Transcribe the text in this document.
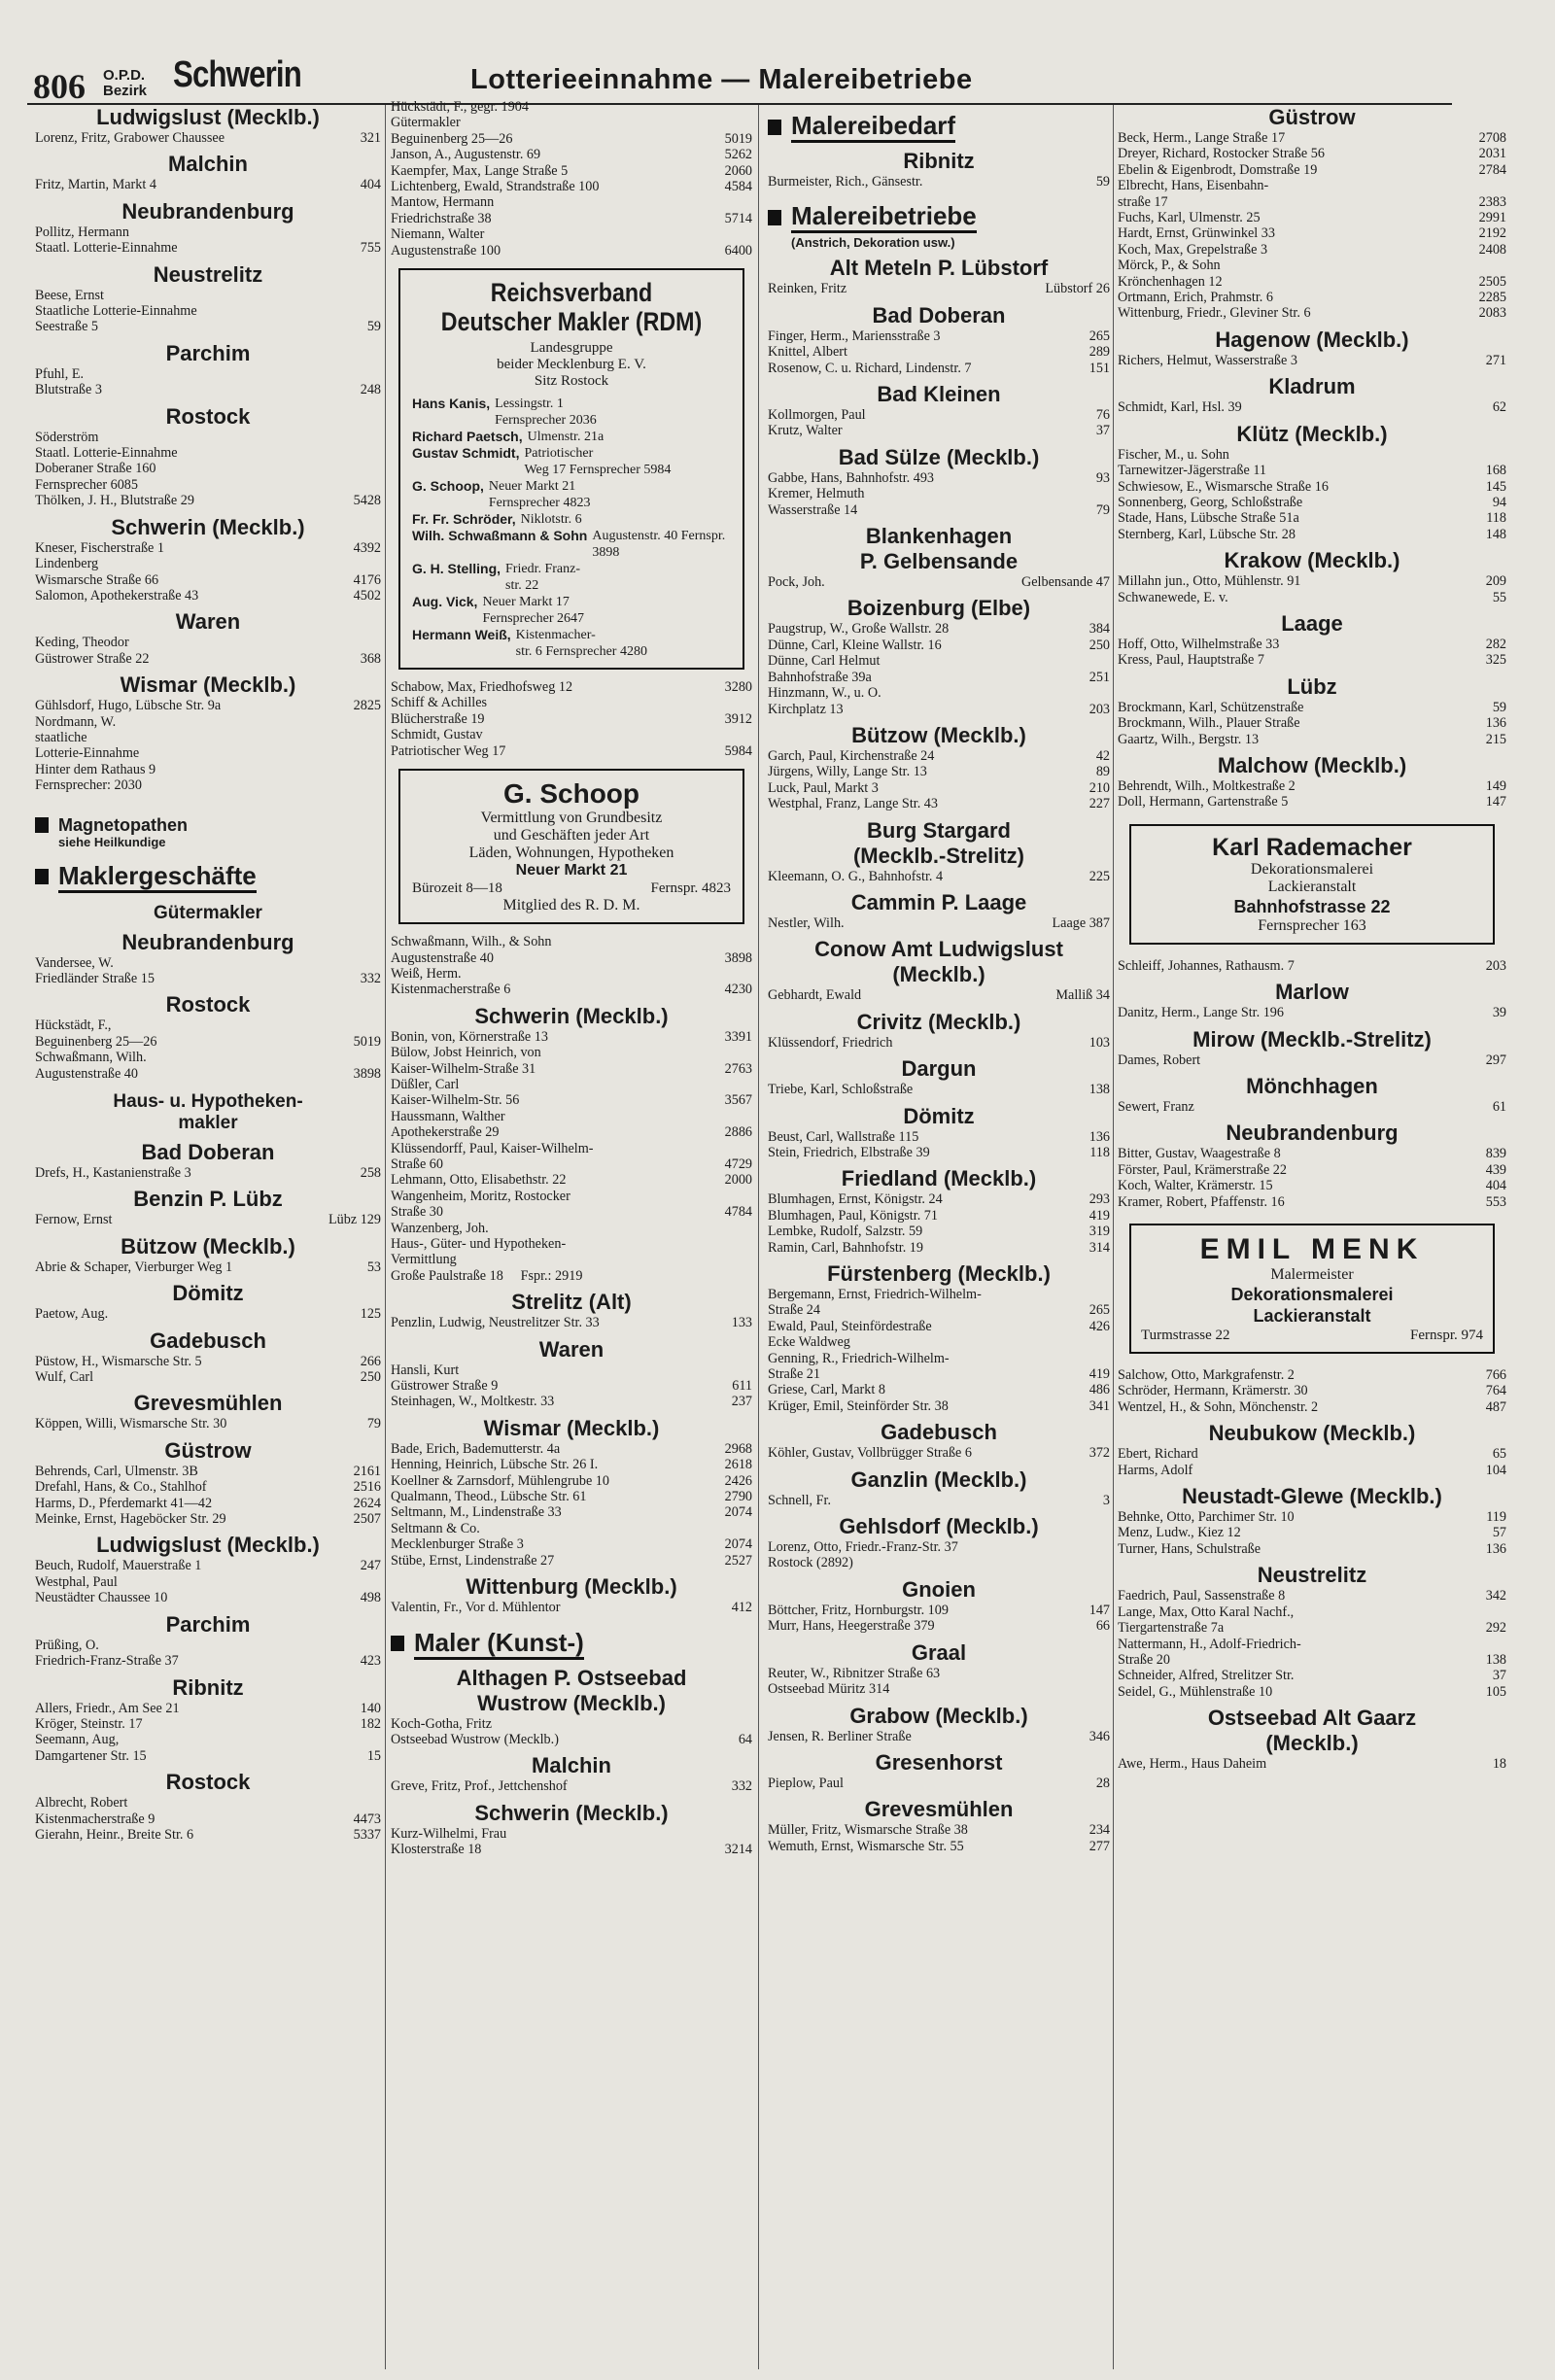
806 O.P.D.
Bezirk Schwerin	Lotterieeinnahme — Malereibetriebe
Ludwigslust (Mecklb.)
Lorenz, Fritz, Grabower Chaussee	321
Malchin
Fritz, Martin, Markt 4	404
Neubrandenburg
Pollitz, Hermann
Staatl. Lotterie-Einnahme	755
Neustrelitz
Beese, Ernst
Staatliche Lotterie-Einnahme
Seestraße 5	59
Parchim
Pfuhl, E.
Blutstraße 3	248
Rostock
Söderström
Staatl. Lotterie-Einnahme
Doberaner Straße 160
Fernsprecher 6085
Thölken, J. H., Blutstraße 29	5428
Schwerin (Mecklb.)
Kneser, Fischerstraße 1	4392
Lindenberg
Wismarsche Straße 66	4176
Salomon, Apothekerstraße 43	4502
Waren
Keding, Theodor
Güstrower Straße 22	368
Wismar (Mecklb.)
Gühlsdorf, Hugo, Lübsche Str. 9a	2825
Nordmann, W.
staatliche
Lotterie-Einnahme
Hinter dem Rathaus 9
Fernsprecher: 2030
Magnetopathen
siehe Heilkundige
Maklergeschäfte
Gütermakler
Neubrandenburg
Vandersee, W.
Friedländer Straße 15	332
Rostock
Hückstädt, F.,
Beguinenberg 25—26	5019
Schwaßmann, Wilh.
Augustenstraße 40	3898
Haus- u. Hypotheken-
makler
Bad Doberan
Drefs, H., Kastanienstraße 3	258
Benzin P. Lübz
Fernow, Ernst	Lübz 129
Bützow (Mecklb.)
Abrie & Schaper, Vierburger Weg 1	53
Dömitz
Paetow, Aug.	125
Gadebusch
Püstow, H., Wismarsche Str. 5	266
Wulf, Carl	250
Grevesmühlen
Köppen, Willi, Wismarsche Str. 30	79
Güstrow
Behrends, Carl, Ulmenstr. 3B	2161
Drefahl, Hans, & Co., Stahlhof	2516
Harms, D., Pferdemarkt 41—42	2624
Meinke, Ernst, Hageböcker Str. 29	2507
Ludwigslust (Mecklb.)
Beuch, Rudolf, Mauerstraße 1	247
Westphal, Paul
Neustädter Chaussee 10	498
Parchim
Prüßing, O.
Friedrich-Franz-Straße 37	423
Ribnitz
Allers, Friedr., Am See 21	140
Kröger, Steinstr. 17	182
Seemann, Aug,
Damgartener Str. 15	15
Rostock
Albrecht, Robert
Kistenmacherstraße 9	4473
Gierahn, Heinr., Breite Str. 6	5337
Hückstädt, F., gegr. 1904
Gütermakler
Beguinenberg 25—26	5019
Janson, A., Augustenstr. 69	5262
Kaempfer, Max, Lange Straße 5	2060
Lichtenberg, Ewald, Strandstraße 100	4584
Mantow, Hermann
Friedrichstraße 38	5714
Niemann, Walter
Augustenstraße 100	6400
Reichsverband
Deutscher Makler (RDM)
Landesgruppe
beider Mecklenburg E. V.
Sitz Rostock
Hans Kanis, Lessingstr. 1
Fernsprecher 2036
Richard Paetsch, Ulmenstr. 21a
Gustav Schmidt, Patriotischer
Weg 17 Fernsprecher 5984
G. Schoop, Neuer Markt 21
Fernsprecher 4823
Fr. Fr. Schröder, Niklotstr. 6
Wilh. Schwaßmann & Sohn Augustenstr. 40 Fernspr. 3898
G. H. Stelling, Friedr. Franz-
str. 22
Aug. Vick, Neuer Markt 17
Fernsprecher 2647
Hermann Weiß, Kistenmacher-
str. 6 Fernsprecher 4280
Schabow, Max, Friedhofsweg 12	3280
Schiff & Achilles
Blücherstraße 19	3912
Schmidt, Gustav
Patriotischer Weg 17	5984
G. Schoop
Vermittlung von Grundbesitz
und Geschäften jeder Art
Läden, Wohnungen, Hypotheken
Neuer Markt 21
Bürozeit 8—18	Fernspr. 4823
Mitglied des R. D. M.
Schwaßmann, Wilh., & Sohn
Augustenstraße 40	3898
Weiß, Herm.
Kistenmacherstraße 6	4230
Schwerin (Mecklb.)
Bonin, von, Körnerstraße 13	3391
Bülow, Jobst Heinrich, von
Kaiser-Wilhelm-Straße 31	2763
Düßler, Carl
Kaiser-Wilhelm-Str. 56	3567
Haussmann, Walther
Apothekerstraße 29	2886
Klüssendorff, Paul, Kaiser-Wilhelm-
Straße 60	4729
Lehmann, Otto, Elisabethstr. 22	2000
Wangenheim, Moritz, Rostocker
Straße 30	4784
Wanzenberg, Joh.
Haus-, Güter- und Hypotheken-
Vermittlung
Große Paulstraße 18     Fspr.: 2919
Strelitz (Alt)
Penzlin, Ludwig, Neustrelitzer Str. 33	133
Waren
Hansli, Kurt
Güstrower Straße 9	611
Steinhagen, W., Moltkestr. 33	237
Wismar (Mecklb.)
Bade, Erich, Bademutterstr. 4a	2968
Henning, Heinrich, Lübsche Str. 26 I.	2618
Koellner & Zarnsdorf, Mühlengrube 10	2426
Qualmann, Theod., Lübsche Str. 61	2790
Seltmann, M., Lindenstraße 33	2074
Seltmann & Co.
Mecklenburger Straße 3	2074
Stübe, Ernst, Lindenstraße 27	2527
Wittenburg (Mecklb.)
Valentin, Fr., Vor d. Mühlentor	412
Maler (Kunst-)
Althagen P. Ostseebad
Wustrow (Mecklb.)
Koch-Gotha, Fritz
Ostseebad Wustrow (Mecklb.)	64
Malchin
Greve, Fritz, Prof., Jettchenshof	332
Schwerin (Mecklb.)
Kurz-Wilhelmi, Frau
Klosterstraße 18	3214
Malereibedarf
Ribnitz
Burmeister, Rich., Gänsestr.	59
Malereibetriebe
(Anstrich, Dekoration usw.)
Alt Meteln P. Lübstorf
Reinken, Fritz	Lübstorf 26
Bad Doberan
Finger, Herm., Mariensstraße 3	265
Knittel, Albert	289
Rosenow, C. u. Richard, Lindenstr. 7	151
Bad Kleinen
Kollmorgen, Paul	76
Krutz, Walter	37
Bad Sülze (Mecklb.)
Gabbe, Hans, Bahnhofstr. 493	93
Kremer, Helmuth
Wasserstraße 14	79
Blankenhagen
P. Gelbensande
Pock, Joh.	Gelbensande 47
Boizenburg (Elbe)
Paugstrup, W., Große Wallstr. 28	384
Dünne, Carl, Kleine Wallstr. 16	250
Dünne, Carl Helmut
Bahnhofstraße 39a	251
Hinzmann, W., u. O.
Kirchplatz 13	203
Bützow (Mecklb.)
Garch, Paul, Kirchenstraße 24	42
Jürgens, Willy, Lange Str. 13	89
Luck, Paul, Markt 3	210
Westphal, Franz, Lange Str. 43	227
Burg Stargard
(Mecklb.-Strelitz)
Kleemann, O. G., Bahnhofstr. 4	225
Cammin P. Laage
Nestler, Wilh.	Laage 387
Conow Amt Ludwigslust
(Mecklb.)
Gebhardt, Ewald	Malliß 34
Crivitz (Mecklb.)
Klüssendorf, Friedrich	103
Dargun
Triebe, Karl, Schloßstraße	138
Dömitz
Beust, Carl, Wallstraße 115	136
Stein, Friedrich, Elbstraße 39	118
Friedland (Mecklb.)
Blumhagen, Ernst, Königstr. 24	293
Blumhagen, Paul, Königstr. 71	419
Lembke, Rudolf, Salzstr. 59	319
Ramin, Carl, Bahnhofstr. 19	314
Fürstenberg (Mecklb.)
Bergemann, Ernst, Friedrich-Wilhelm-
Straße 24	265
Ewald, Paul, Steinfördestraße	426
Ecke Waldweg
Genning, R., Friedrich-Wilhelm-
Straße 21	419
Griese, Carl, Markt 8	486
Krüger, Emil, Steinförder Str. 38	341
Gadebusch
Köhler, Gustav, Vollbrügger Straße 6	372
Ganzlin (Mecklb.)
Schnell, Fr.	3
Gehlsdorf (Mecklb.)
Lorenz, Otto, Friedr.-Franz-Str. 37
Rostock (2892)
Gnoien
Böttcher, Fritz, Hornburgstr. 109	147
Murr, Hans, Heegerstraße 379	66
Graal
Reuter, W., Ribnitzer Straße 63
Ostseebad Müritz 314
Grabow (Mecklb.)
Jensen, R. Berliner Straße	346
Gresenhorst
Pieplow, Paul	28
Grevesmühlen
Müller, Fritz, Wismarsche Straße 38	234
Wemuth, Ernst, Wismarsche Str. 55	277
Güstrow
Beck, Herm., Lange Straße 17	2708
Dreyer, Richard, Rostocker Straße 56	2031
Ebelin & Eigenbrodt, Domstraße 19	2784
Elbrecht, Hans, Eisenbahn-
straße 17	2383
Fuchs, Karl, Ulmenstr. 25	2991
Hardt, Ernst, Grünwinkel 33	2192
Koch, Max, Grepelstraße 3	2408
Mörck, P., & Sohn
Krönchenhagen 12	2505
Ortmann, Erich, Prahmstr. 6	2285
Wittenburg, Friedr., Gleviner Str. 6	2083
Hagenow (Mecklb.)
Richers, Helmut, Wasserstraße 3	271
Kladrum
Schmidt, Karl, Hsl. 39	62
Klütz (Mecklb.)
Fischer, M., u. Sohn
Tarnewitzer-Jägerstraße 11	168
Schwiesow, E., Wismarsche Straße 16	145
Sonnenberg, Georg, Schloßstraße	94
Stade, Hans, Lübsche Straße 51a	118
Sternberg, Karl, Lübsche Str. 28	148
Krakow (Mecklb.)
Millahn jun., Otto, Mühlenstr. 91	209
Schwanewede, E. v.	55
Laage
Hoff, Otto, Wilhelmstraße 33	282
Kress, Paul, Hauptstraße 7	325
Lübz
Brockmann, Karl, Schützenstraße	59
Brockmann, Wilh., Plauer Straße	136
Gaartz, Wilh., Bergstr. 13	215
Malchow (Mecklb.)
Behrendt, Wilh., Moltkestraße 2	149
Doll, Hermann, Gartenstraße 5	147
Karl Rademacher
Dekorationsmalerei
Lackieranstalt
Bahnhofstrasse 22
Fernsprecher 163
Schleiff, Johannes, Rathausm. 7	203
Marlow
Danitz, Herm., Lange Str. 196	39
Mirow (Mecklb.-Strelitz)
Dames, Robert	297
Mönchhagen
Sewert, Franz	61
Neubrandenburg
Bitter, Gustav, Waagestraße 8	839
Förster, Paul, Krämerstraße 22	439
Koch, Walter, Krämerstr. 15	404
Kramer, Robert, Pfaffenstr. 16	553
EMIL MENK
Malermeister
Dekorationsmalerei
Lackieranstalt
Turmstrasse 22	Fernspr. 974
Salchow, Otto, Markgrafenstr. 2	766
Schröder, Hermann, Krämerstr. 30	764
Wentzel, H., & Sohn, Mönchenstr. 2	487
Neubukow (Mecklb.)
Ebert, Richard	65
Harms, Adolf	104
Neustadt-Glewe (Mecklb.)
Behnke, Otto, Parchimer Str. 10	119
Menz, Ludw., Kiez 12	57
Turner, Hans, Schulstraße	136
Neustrelitz
Faedrich, Paul, Sassenstraße 8	342
Lange, Max, Otto Karal Nachf.,
Tiergartenstraße 7a	292
Nattermann, H., Adolf-Friedrich-
Straße 20	138
Schneider, Alfred, Strelitzer Str.	37
Seidel, G., Mühlenstraße 10	105
Ostseebad Alt Gaarz
(Mecklb.)
Awe, Herm., Haus Daheim	18
